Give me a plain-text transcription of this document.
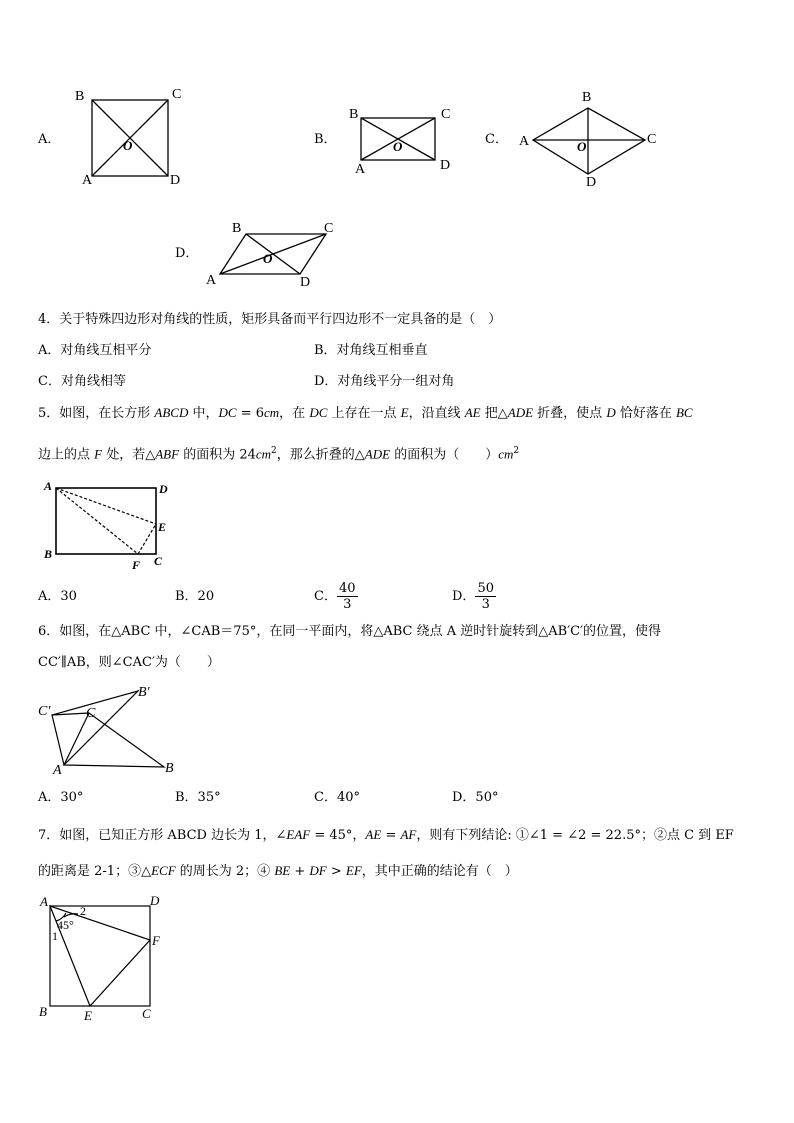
A．
B	C
A	D
O	B．
B	C
A	D
O	C．
B
A	C
D
O
D．
B	C
A	D
O
4．关于特殊四边形对角线的性质，矩形具备而平行四边形不一定具备的是（　）
A．对角线互相平分	B．对角线互相垂直
C．对角线相等	D．对角线平分一组对角
5．如图，在长方形 ABCD 中，DC = 6cm，在 DC 上存在一点 E，沿直线 AE 把△ADE 折叠，使点 D 恰好落在 BC
边上的点 F 处，若△ABF 的面积为 $24cm^2$，那么折叠的△ADE 的面积为（　　）$cm^2$
A	D
E
B
F C
A．30	B．20	C． $\frac{40}{3}$	D． $\frac{50}{3}$
6．如图，在△ABC 中，∠CAB＝75°，在同一平面内，将△ABC 绕点 A 逆时针旋转到△AB′C′的位置，使得
CC′∥AB，则∠CAC′为（　　）
C′	C
B′
A	B
A．30°	B．35°	C．40°	D．50°
7．如图，已知正方形 ABCD 边长为 1，∠EAF = 45°，AE = AF，则有下列结论: ①∠1 = ∠2 = 22.5°；②点 C 到 EF
的距离是 2-1；③△ECF 的周长为 2；④ BE + DF > EF，其中正确的结论有（　）
A	D
F
B	E	C
1
2
45°
